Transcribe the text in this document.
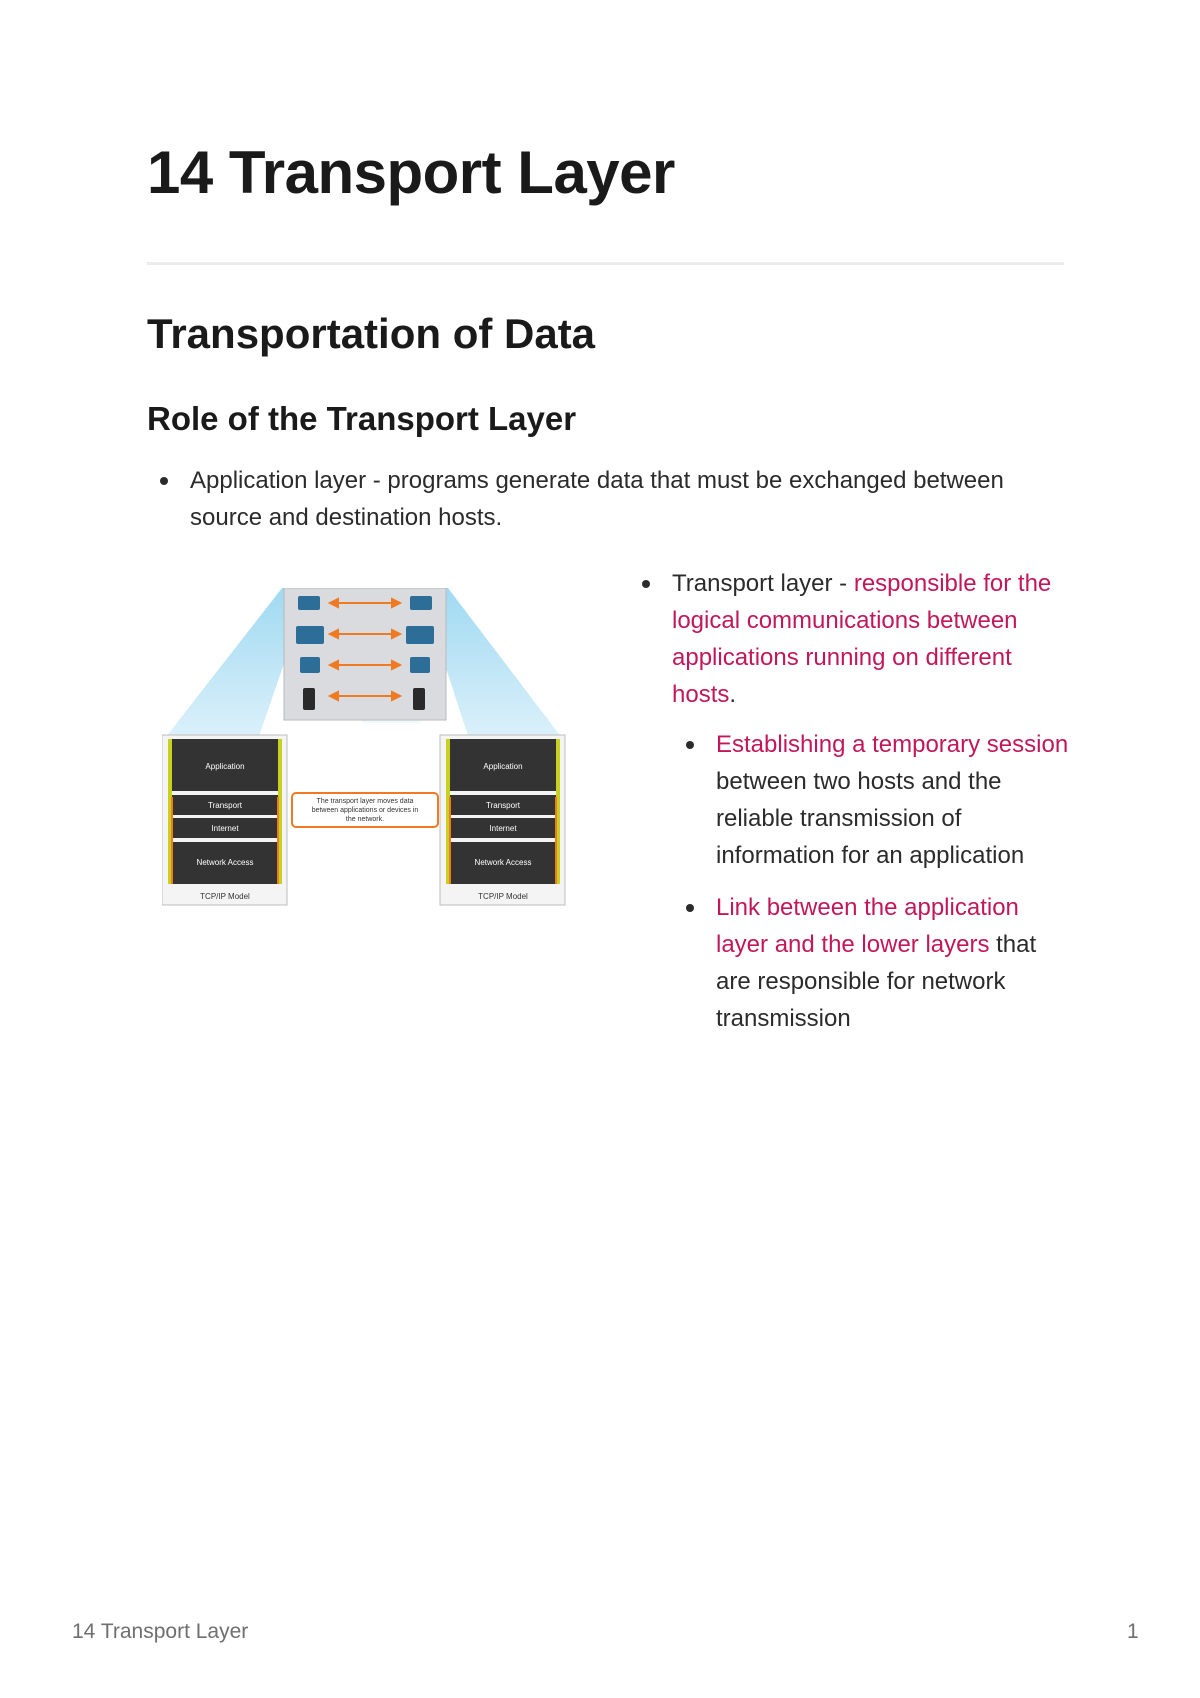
14 Transport Layer
Transportation of Data
Role of the Transport Layer
Application layer - programs generate data that must be exchanged between source and destination hosts.
Application
Transport
Internet
Network Access
TCP/IP Model
Application
Transport
Internet
Network Access
TCP/IP Model
The transport layer moves data
between applications or devices in
the network.
Transport layer - responsible for the logical communications between applications running on different hosts.
Establishing a temporary session between two hosts and the reliable transmission of information for an application
Link between the application layer and the lower layers that are responsible for network transmission
14 Transport Layer	1
